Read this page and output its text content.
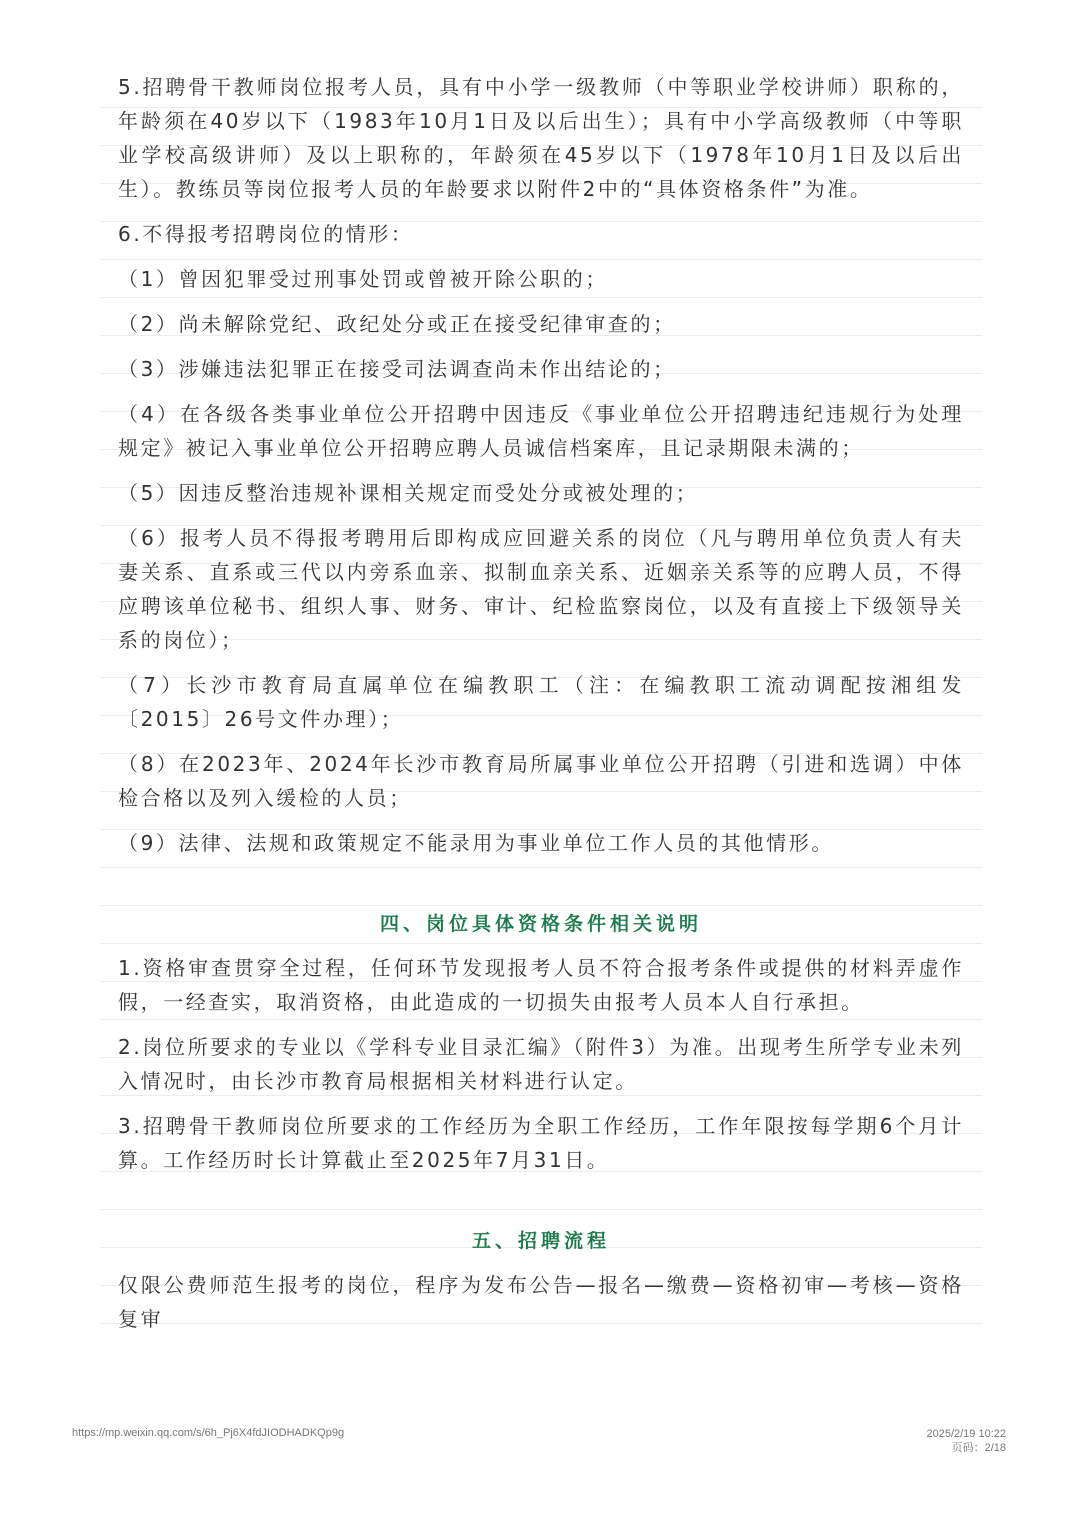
5.招聘骨干教师岗位报考人员，具有中小学一级教师（中等职业学校讲师）职称的，年龄须在40岁以下（1983年10月1日及以后出生）；具有中小学高级教师（中等职业学校高级讲师）及以上职称的，年龄须在45岁以下（1978年10月1日及以后出生）。教练员等岗位报考人员的年龄要求以附件2中的“具体资格条件”为准。

6.不得报考招聘岗位的情形：

（1）曾因犯罪受过刑事处罚或曾被开除公职的；

（2）尚未解除党纪、政纪处分或正在接受纪律审查的；

（3）涉嫌违法犯罪正在接受司法调查尚未作出结论的；

（4）在各级各类事业单位公开招聘中因违反《事业单位公开招聘违纪违规行为处理规定》被记入事业单位公开招聘应聘人员诚信档案库，且记录期限未满的；

（5）因违反整治违规补课相关规定而受处分或被处理的；

（6）报考人员不得报考聘用后即构成应回避关系的岗位（凡与聘用单位负责人有夫妻关系、直系或三代以内旁系血亲、拟制血亲关系、近姻亲关系等的应聘人员，不得应聘该单位秘书、组织人事、财务、审计、纪检监察岗位，以及有直接上下级领导关系的岗位）；

（7）长沙市教育局直属单位在编教职工（注：在编教职工流动调配按湘组发〔2015〕26号文件办理）；

（8）在2023年、2024年长沙市教育局所属事业单位公开招聘（引进和选调）中体检合格以及列入缓检的人员；

（9）法律、法规和政策规定不能录用为事业单位工作人员的其他情形。

四、岗位具体资格条件相关说明

1.资格审查贯穿全过程，任何环节发现报考人员不符合报考条件或提供的材料弄虚作假，一经查实，取消资格，由此造成的一切损失由报考人员本人自行承担。

2.岗位所要求的专业以《学科专业目录汇编》（附件3）为准。出现考生所学专业未列入情况时，由长沙市教育局根据相关材料进行认定。

3.招聘骨干教师岗位所要求的工作经历为全职工作经历，工作年限按每学期6个月计算。工作经历时长计算截止至2025年7月31日。

五、招聘流程

仅限公费师范生报考的岗位，程序为发布公告—报名—缴费—资格初审—考核—资格复审

https://mp.weixin.qq.com/s/6h_Pj6X4fdJIODHADKQp9g	2025/2/19 10:22
页码：2/18
